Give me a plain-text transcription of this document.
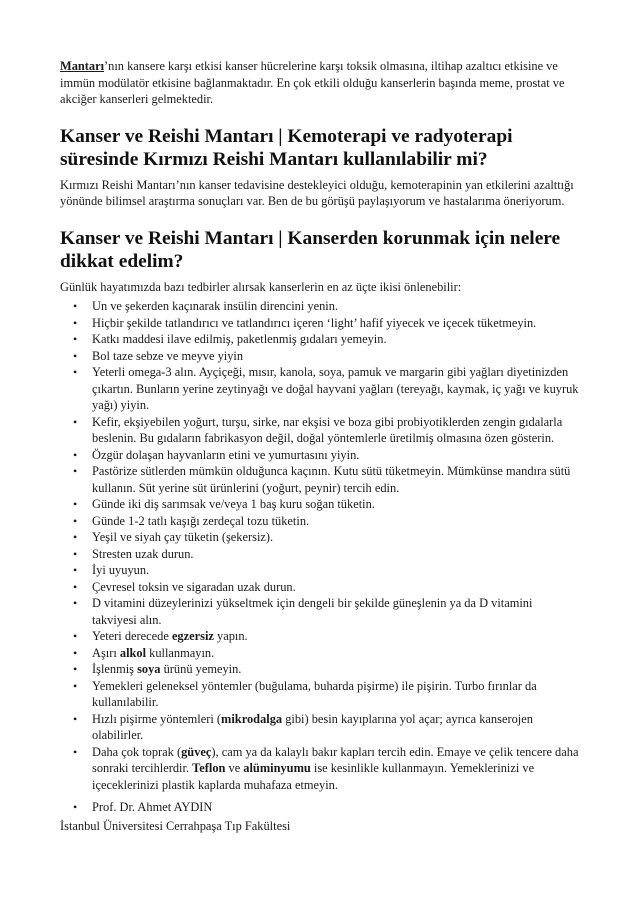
Mantarı’nın kansere karşı etkisi kanser hücrelerine karşı toksik olmasına, iltihap azaltıcı etkisine ve immün modülatör etkisine bağlanmaktadır. En çok etkili olduğu kanserlerin başında meme, prostat ve akciğer kanserleri gelmektedir.

Kanser ve Reishi Mantarı | Kemoterapi ve radyoterapi süresinde Kırmızı Reishi Mantarı kullanılabilir mi?

Kırmızı Reishi Mantarı’nın kanser tedavisine destekleyici olduğu, kemoterapinin yan etkilerini azalttığı yönünde bilimsel araştırma sonuçları var. Ben de bu görüşü paylaşıyorum ve hastalarıma öneriyorum.

Kanser ve Reishi Mantarı | Kanserden korunmak için nelere dikkat edelim?

Günlük hayatımızda bazı tedbirler alırsak kanserlerin en az üçte ikisi önlenebilir:

• Un ve şekerden kaçınarak insülin direncini yenin.
• Hiçbir şekilde tatlandırıcı ve tatlandırıcı içeren ‘light’ hafif yiyecek ve içecek tüketmeyin.
• Katkı maddesi ilave edilmiş, paketlenmiş gıdaları yemeyin.
• Bol taze sebze ve meyve yiyin
• Yeterli omega-3 alın. Ayçiçeği, mısır, kanola, soya, pamuk ve margarin gibi yağları diyetinizden çıkartın. Bunların yerine zeytinyağı ve doğal hayvani yağları (tereyağı, kaymak, iç yağı ve kuyruk yağı) yiyin.
• Kefir, ekşiyebilen yoğurt, turşu, sirke, nar ekşisi ve boza gibi probiyotiklerden zengin gıdalarla beslenin. Bu gıdaların fabrikasyon değil, doğal yöntemlerle üretilmiş olmasına özen gösterin.
• Özgür dolaşan hayvanların etini ve yumurtasını yiyin.
• Pastörize sütlerden mümkün olduğunca kaçının. Kutu sütü tüketmeyin. Mümkünse mandıra sütü kullanın. Süt yerine süt ürünlerini (yoğurt, peynir) tercih edin.
• Günde iki diş sarımsak ve/veya 1 baş kuru soğan tüketin.
• Günde 1-2 tatlı kaşığı zerdeçal tozu tüketin.
• Yeşil ve siyah çay tüketin (şekersiz).
• Stresten uzak durun.
• İyi uyuyun.
• Çevresel toksin ve sigaradan uzak durun.
• D vitamini düzeylerinizi yükseltmek için dengeli bir şekilde güneşlenin ya da D vitamini takviyesi alın.
• Yeteri derecede egzersiz yapın.
• Aşırı alkol kullanmayın.
• İşlenmiş soya ürünü yemeyin.
• Yemekleri geleneksel yöntemler (buğulama, buharda pişirme) ile pişirin. Turbo fırınlar da kullanılabilir.
• Hızlı pişirme yöntemleri (mikrodalga gibi) besin kayıplarına yol açar; ayrıca kanserojen olabilirler.
• Daha çok toprak (güveç), cam ya da kalaylı bakır kapları tercih edin. Emaye ve çelik tencere daha sonraki tercihlerdir. Teflon ve alüminyumu ise kesinlikle kullanmayın. Yemeklerinizi ve içeceklerinizi plastik kaplarda muhafaza etmeyin.
• Prof. Dr. Ahmet AYDIN

İstanbul Üniversitesi Cerrahpaşa Tıp Fakültesi
